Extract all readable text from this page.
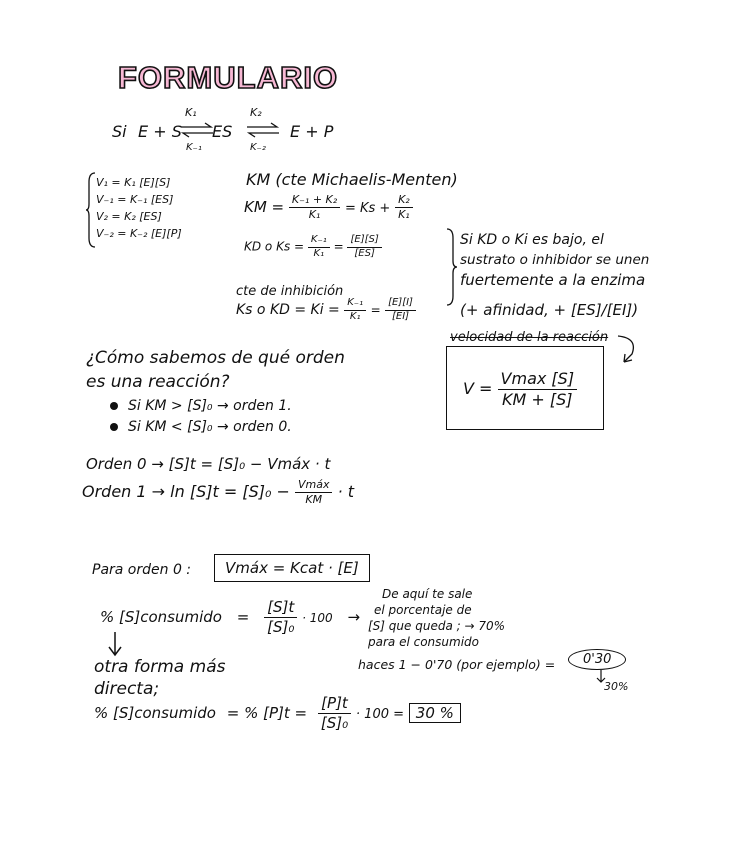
FORMULARIO
Si E + S
K₁
K₋₁
ES
K₂
K₋₂
E + P
V₁ = K₁ [E][S]
V₋₁ = K₋₁ [ES]
V₂ = K₂ [ES]
V₋₂ = K₋₂ [E][P]
KM (cte Michaelis-Menten)
KM = $\frac{\text{K₋₁ + K₂}}{\text{K₁}} = Ks + \frac{\text{K₂}}{\text{K₁}}$
KD o $Ks = \frac{\text{K₋₁}}{\text{K₁}} = \frac{[E][S]}{[ES]}$
cte de inhibición
Ks o KD = $Ki = \frac{\text{K₋₁}}{\text{K₁}} = \frac{[E][I]}{[EI]}$
Si KD o Ki es bajo, el
sustrato o inhibidor se unen
fuertemente a la enzima
(+ afinidad, + [ES]/[EI])
velocidad de la reacción
$V = \frac{Vmax [S]}{KM + [S]}$
¿Cómo sabemos de qué orden
es una reacción?
Si KM > [S]₀ → orden 1.
Si KM < [S]₀ → orden 0.
Orden 0 → [S]t = [S]₀ − Vmáx · t
Orden $1 \to \ln [S]t = [S]_0 - \frac{\text{Vmáx}}{KM} \cdot t$
Para orden 0 :	Vmáx = Kcat · [E]
% [S]consumido = $\frac{[S]t}{\text{[S]₀}} \cdot 100$ →
De aquí te sale
el porcentaje de
[S] que queda ; → 70%
para el consumido
haces 1 − 0'70 (por ejemplo) =	0'30
30%
otra forma más
directa;
% [S]consumido = % $[P]t = \frac{[P]t}{\text{[S]₀}} \cdot 100 = 30$ %
